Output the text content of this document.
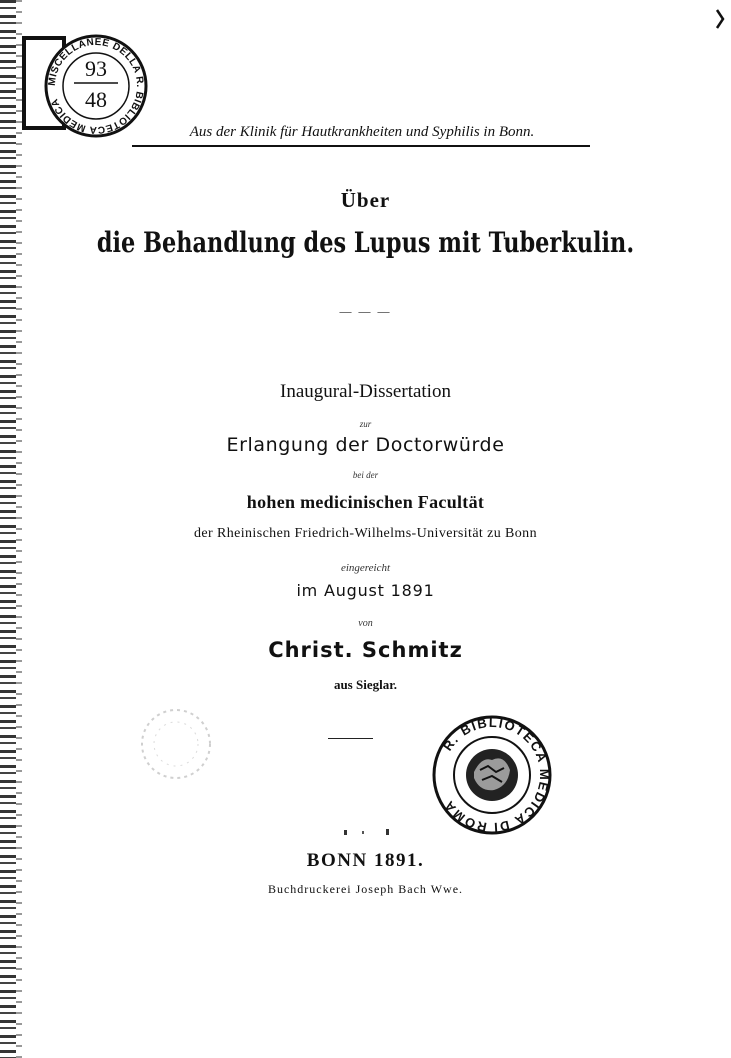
MISCELLANEE DELLA R. BIBLIOTECA MEDICA
93
48
Aus der Klinik für Hautkrankheiten und Syphilis in Bonn.
Über
die Behandlung des Lupus mit Tuberkulin.
— — —
Inaugural-Dissertation
zur
Erlangung der Doctorwürde
bei der
hohen medicinischen Facultät
der Rheinischen Friedrich-Wilhelms-Universität zu Bonn
eingereicht
im August 1891
von
Christ. Schmitz
aus Sieglar.
R. BIBLIOTECA MEDICA DI ROMA
BONN 1891.
Buchdruckerei Joseph Bach Wwe.
